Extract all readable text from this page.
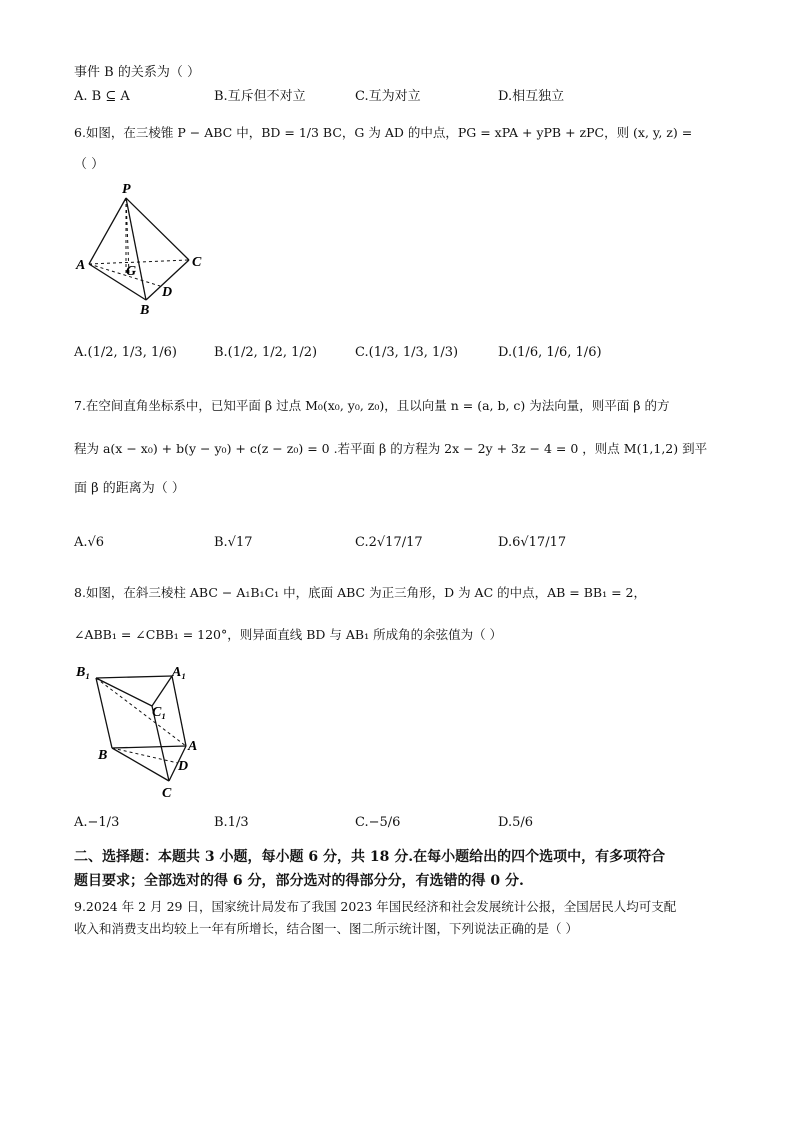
事件 B 的关系为（ ）
A. B ⊆ A	B.互斥但不对立	C.互为对立	D.相互独立
6.如图，在三棱锥 P − ABC 中，BD = 1/3 BC，G 为 AD 的中点，PG = xPA + yPB + zPC，则 (x, y, z) =
（ ）
P
A	C
G
D
B
A.(1/2, 1/3, 1/6)	B.(1/2, 1/2, 1/2)	C.(1/3, 1/3, 1/3)	D.(1/6, 1/6, 1/6)
7.在空间直角坐标系中，已知平面 β 过点 M₀(x₀, y₀, z₀)，且以向量 n = (a, b, c) 为法向量，则平面 β 的方
程为 a(x − x₀) + b(y − y₀) + c(z − z₀) = 0 .若平面 β 的方程为 2x − 2y + 3z − 4 = 0 ，则点 M(1,1,2) 到平
面 β 的距离为（ ）
A.√6	B.√17	C.2√17/17	D.6√17/17
8.如图，在斜三棱柱 ABC − A₁B₁C₁ 中，底面 ABC 为正三角形，D 为 AC 的中点，AB = BB₁ = 2，
∠ABB₁ = ∠CBB₁ = 120°，则异面直线 BD 与 AB₁ 所成角的余弦值为（ ）
B₁	A₁
C₁
A
B
D
C
A.−1/3	B.1/3	C.−5/6	D.5/6
二、选择题：本题共 3 小题，每小题 6 分，共 18 分.在每小题给出的四个选项中，有多项符合
题目要求；全部选对的得 6 分，部分选对的得部分分，有选错的得 0 分.
9.2024 年 2 月 29 日，国家统计局发布了我国 2023 年国民经济和社会发展统计公报，全国居民人均可支配
收入和消费支出均较上一年有所增长，结合图一、图二所示统计图，下列说法正确的是（ ）
